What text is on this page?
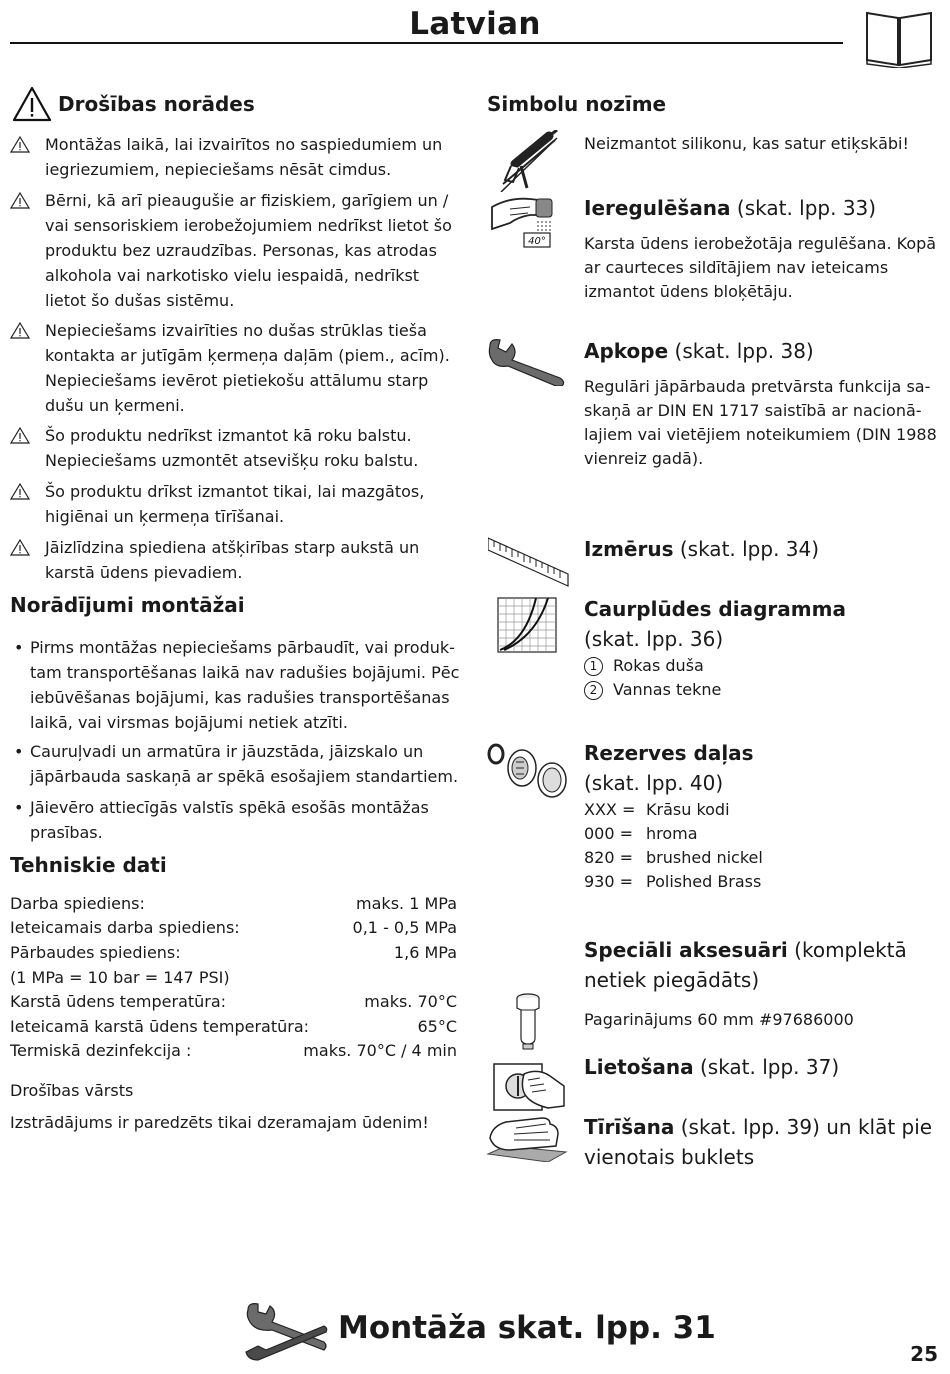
Latvian
Drošības norādes
Montāžas laikā, lai izvairītos no saspiedumiem un iegriezumiem, nepieciešams nēsāt cimdus.
Bērni, kā arī pieaugušie ar fiziskiem, garīgiem un / vai sensoriskiem ierobežojumiem nedrīkst lietot šo produktu bez uzraudzības. Personas, kas atrodas alkohola vai narkotisko vielu iespaidā, nedrīkst lietot šo dušas sistēmu.
Nepieciešams izvairīties no dušas strūklas tieša kontakta ar jutīgām ķermeņa daļām (piem., acīm). Nepieciešams ievērot pietiekošu attālumu starp dušu un ķermeni.
Šo produktu nedrīkst izmantot kā roku balstu. Nepieciešams uzmontēt atsevišķu roku balstu.
Šo produktu drīkst izmantot tikai, lai mazgātos, higiēnai un ķermeņa tīrīšanai.
Jāizlīdzina spiediena atšķirības starp aukstā un karstā ūdens pievadiem.
Norādījumi montāžai
• Pirms montāžas nepieciešams pārbaudīt, vai produktam transportēšanas laikā nav radušies bojājumi. Pēc iebūvēšanas bojājumi, kas radušies transportēšanas laikā, vai virsmas bojājumi netiek atzīti.
• Cauruļvadi un armatūra ir jāuzstāda, jāizskalo un jāpārbauda saskaņā ar spēkā esošajiem standartiem.
• Jāievēro attiecīgās valstīs spēkā esošās montāžas prasības.
Tehniskie dati
Darba spiediens:	maks. 1 MPa
Ieteicamais darba spiediens:	0,1 - 0,5 MPa
Pārbaudes spiediens:	1,6 MPa
(1 MPa = 10 bar = 147 PSI)
Karstā ūdens temperatūra:	maks. 70°C
Ieteicamā karstā ūdens temperatūra:	65°C
Termiskā dezinfekcija :	maks. 70°C / 4 min
Drošības vārsts
Izstrādājums ir paredzēts tikai dzeramajam ūdenim!
Simbolu nozīme
Neizmantot silikonu, kas satur etiķskābi!
40°
Ieregulēšana (skat. lpp. 33)
Karsta ūdens ierobežotāja regulēšana. Kopā ar caurteces sildītājiem nav ieteicams izmantot ūdens bloķētāju.
Apkope (skat. lpp. 38)
Regulāri jāpārbauda pretvārsta funkcija saskaņā ar DIN EN 1717 saistībā ar nacionālajiem vai vietējiem noteikumiem (DIN 1988 vienreiz gadā).
Izmērus (skat. lpp. 34)
Caurplūdes diagramma
(skat. lpp. 36)
1 Rokas duša
2 Vannas tekne
Rezerves daļas
(skat. lpp. 40)
XXX = Krāsu kodi
000 = hroma
820 = brushed nickel
930 = Polished Brass
Speciāli aksesuāri (komplektā
netiek piegādāts)
Pagarinājums 60 mm #97686000
Lietošana (skat. lpp. 37)
Tīrīšana (skat. lpp. 39) un klāt pie
vienotais buklets
Montāža skat. lpp. 31
25
